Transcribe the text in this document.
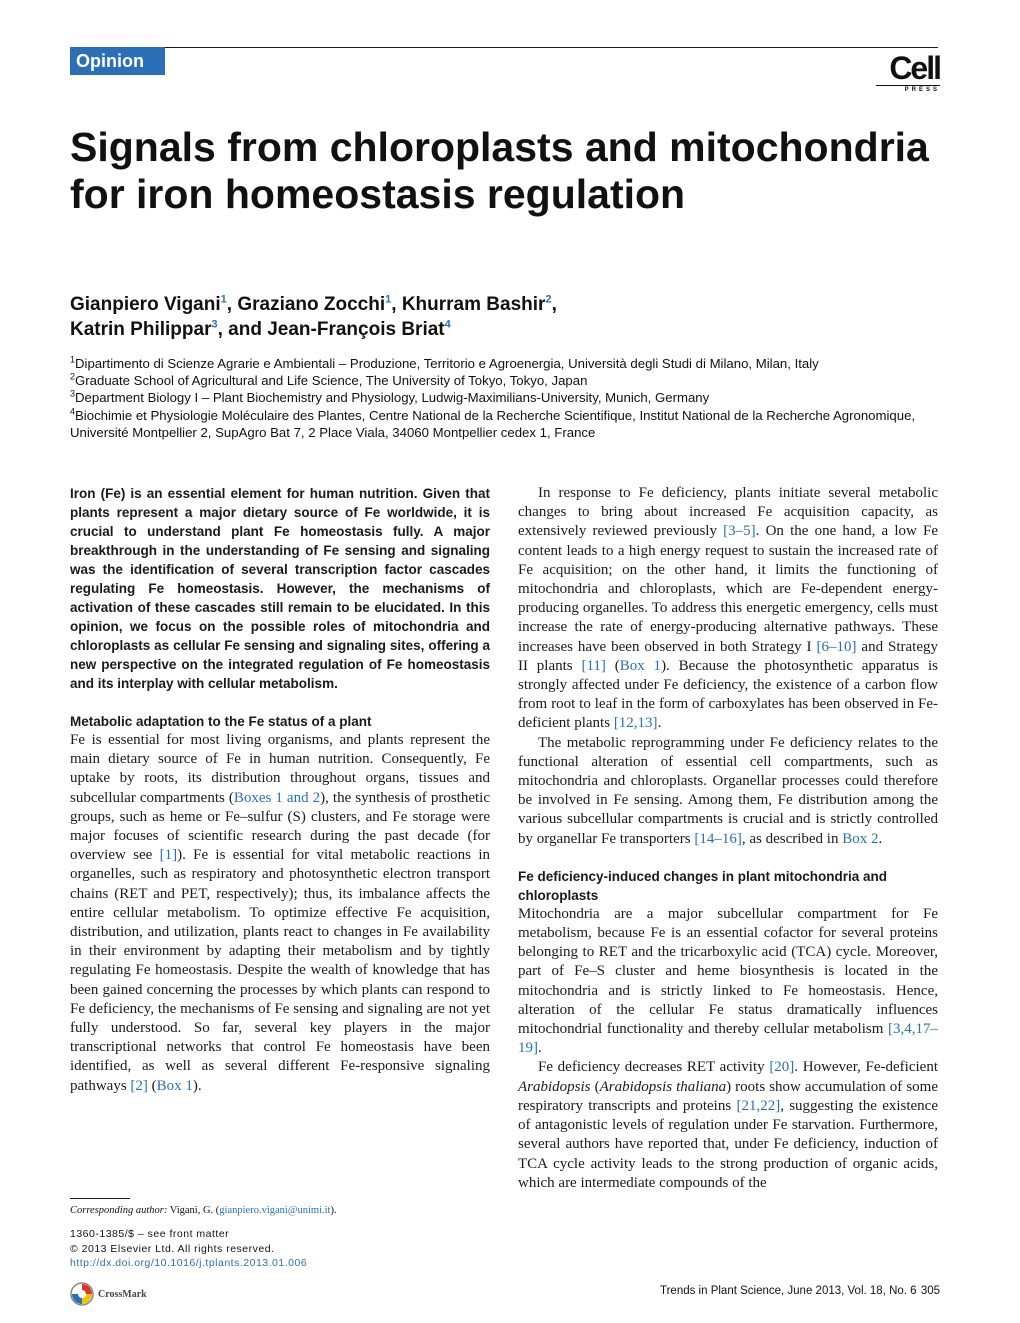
Opinion	Cell
PRESS
Signals from chloroplasts and mitochondria for iron homeostasis regulation
Gianpiero Vigani$^1$, Graziano Zocchi$^1$, Khurram Bashir$^2$,
Katrin Philippar$^3$, and Jean-François Briat$^4$
$^1$Dipartimento di Scienze Agrarie e Ambientali – Produzione, Territorio e Agroenergia, Università degli Studi di Milano, Milan, Italy
$^2$Graduate School of Agricultural and Life Science, The University of Tokyo, Tokyo, Japan
$^3$Department Biology I – Plant Biochemistry and Physiology, Ludwig-Maximilians-University, Munich, Germany
$^4$Biochimie et Physiologie Moléculaire des Plantes, Centre National de la Recherche Scientifique, Institut National de la Recherche Agronomique, Université Montpellier 2, SupAgro Bat 7, 2 Place Viala, 34060 Montpellier cedex 1, France

Iron (Fe) is an essential element for human nutrition. Given that plants represent a major dietary source of Fe worldwide, it is crucial to understand plant Fe homeostasis fully. A major breakthrough in the understanding of Fe sensing and signaling was the identification of several transcription factor cascades regulating Fe homeostasis. However, the mechanisms of activation of these cascades still remain to be elucidated. In this opinion, we focus on the possible roles of mitochondria and chloroplasts as cellular Fe sensing and signaling sites, offering a new perspective on the integrated regulation of Fe homeostasis and its interplay with cellular metabolism.

Metabolic adaptation to the Fe status of a plant

Fe is essential for most living organisms, and plants represent the main dietary source of Fe in human nutrition. Consequently, Fe uptake by roots, its distribution throughout organs, tissues and subcellular compartments (Boxes 1 and 2), the synthesis of prosthetic groups, such as heme or Fe–sulfur (S) clusters, and Fe storage were major focuses of scientific research during the past decade (for overview see [1]). Fe is essential for vital metabolic reactions in organelles, such as respiratory and photosynthetic electron transport chains (RET and PET, respectively); thus, its imbalance affects the entire cellular metabolism. To optimize effective Fe acquisition, distribution, and utilization, plants react to changes in Fe availability in their environment by adapting their metabolism and by tightly regulating Fe homeostasis. Despite the wealth of knowledge that has been gained concerning the processes by which plants can respond to Fe deficiency, the mechanisms of Fe sensing and signaling are not yet fully understood. So far, several key players in the major transcriptional networks that control Fe homeostasis have been identified, as well as several different Fe-responsive signaling pathways [2] (Box 1).

In response to Fe deficiency, plants initiate several metabolic changes to bring about increased Fe acquisition capacity, as extensively reviewed previously [3–5]. On the one hand, a low Fe content leads to a high energy request to sustain the increased rate of Fe acquisition; on the other hand, it limits the functioning of mitochondria and chloroplasts, which are Fe-dependent energy-producing organelles. To address this energetic emergency, cells must increase the rate of energy-producing alternative pathways. These increases have been observed in both Strategy I [6–10] and Strategy II plants [11] (Box 1). Because the photosynthetic apparatus is strongly affected under Fe deficiency, the existence of a carbon flow from root to leaf in the form of carboxylates has been observed in Fe-deficient plants [12,13].

The metabolic reprogramming under Fe deficiency relates to the functional alteration of essential cell compartments, such as mitochondria and chloroplasts. Organellar processes could therefore be involved in Fe sensing. Among them, Fe distribution among the various subcellular compartments is crucial and is strictly controlled by organellar Fe transporters [14–16], as described in Box 2.

Fe deficiency-induced changes in plant mitochondria and chloroplasts

Mitochondria are a major subcellular compartment for Fe metabolism, because Fe is an essential cofactor for several proteins belonging to RET and the tricarboxylic acid (TCA) cycle. Moreover, part of Fe–S cluster and heme biosynthesis is located in the mitochondria and is strictly linked to Fe homeostasis. Hence, alteration of the cellular Fe status dramatically influences mitochondrial functionality and thereby cellular metabolism [3,4,17–19].

Fe deficiency decreases RET activity [20]. However, Fe-deficient Arabidopsis (Arabidopsis thaliana) roots show accumulation of some respiratory transcripts and proteins [21,22], suggesting the existence of antagonistic levels of regulation under Fe starvation. Furthermore, several authors have reported that, under Fe deficiency, induction of TCA cycle activity leads to the strong production of organic acids, which are intermediate compounds of the

Corresponding author: Vigani, G. (gianpiero.vigani@unimi.it).
1360-1385/$ – see front matter
© 2013 Elsevier Ltd. All rights reserved. http://dx.doi.org/10.1016/j.tplants.2013.01.006
CrossMark	Trends in Plant Science, June 2013, Vol. 18, No. 6 305
